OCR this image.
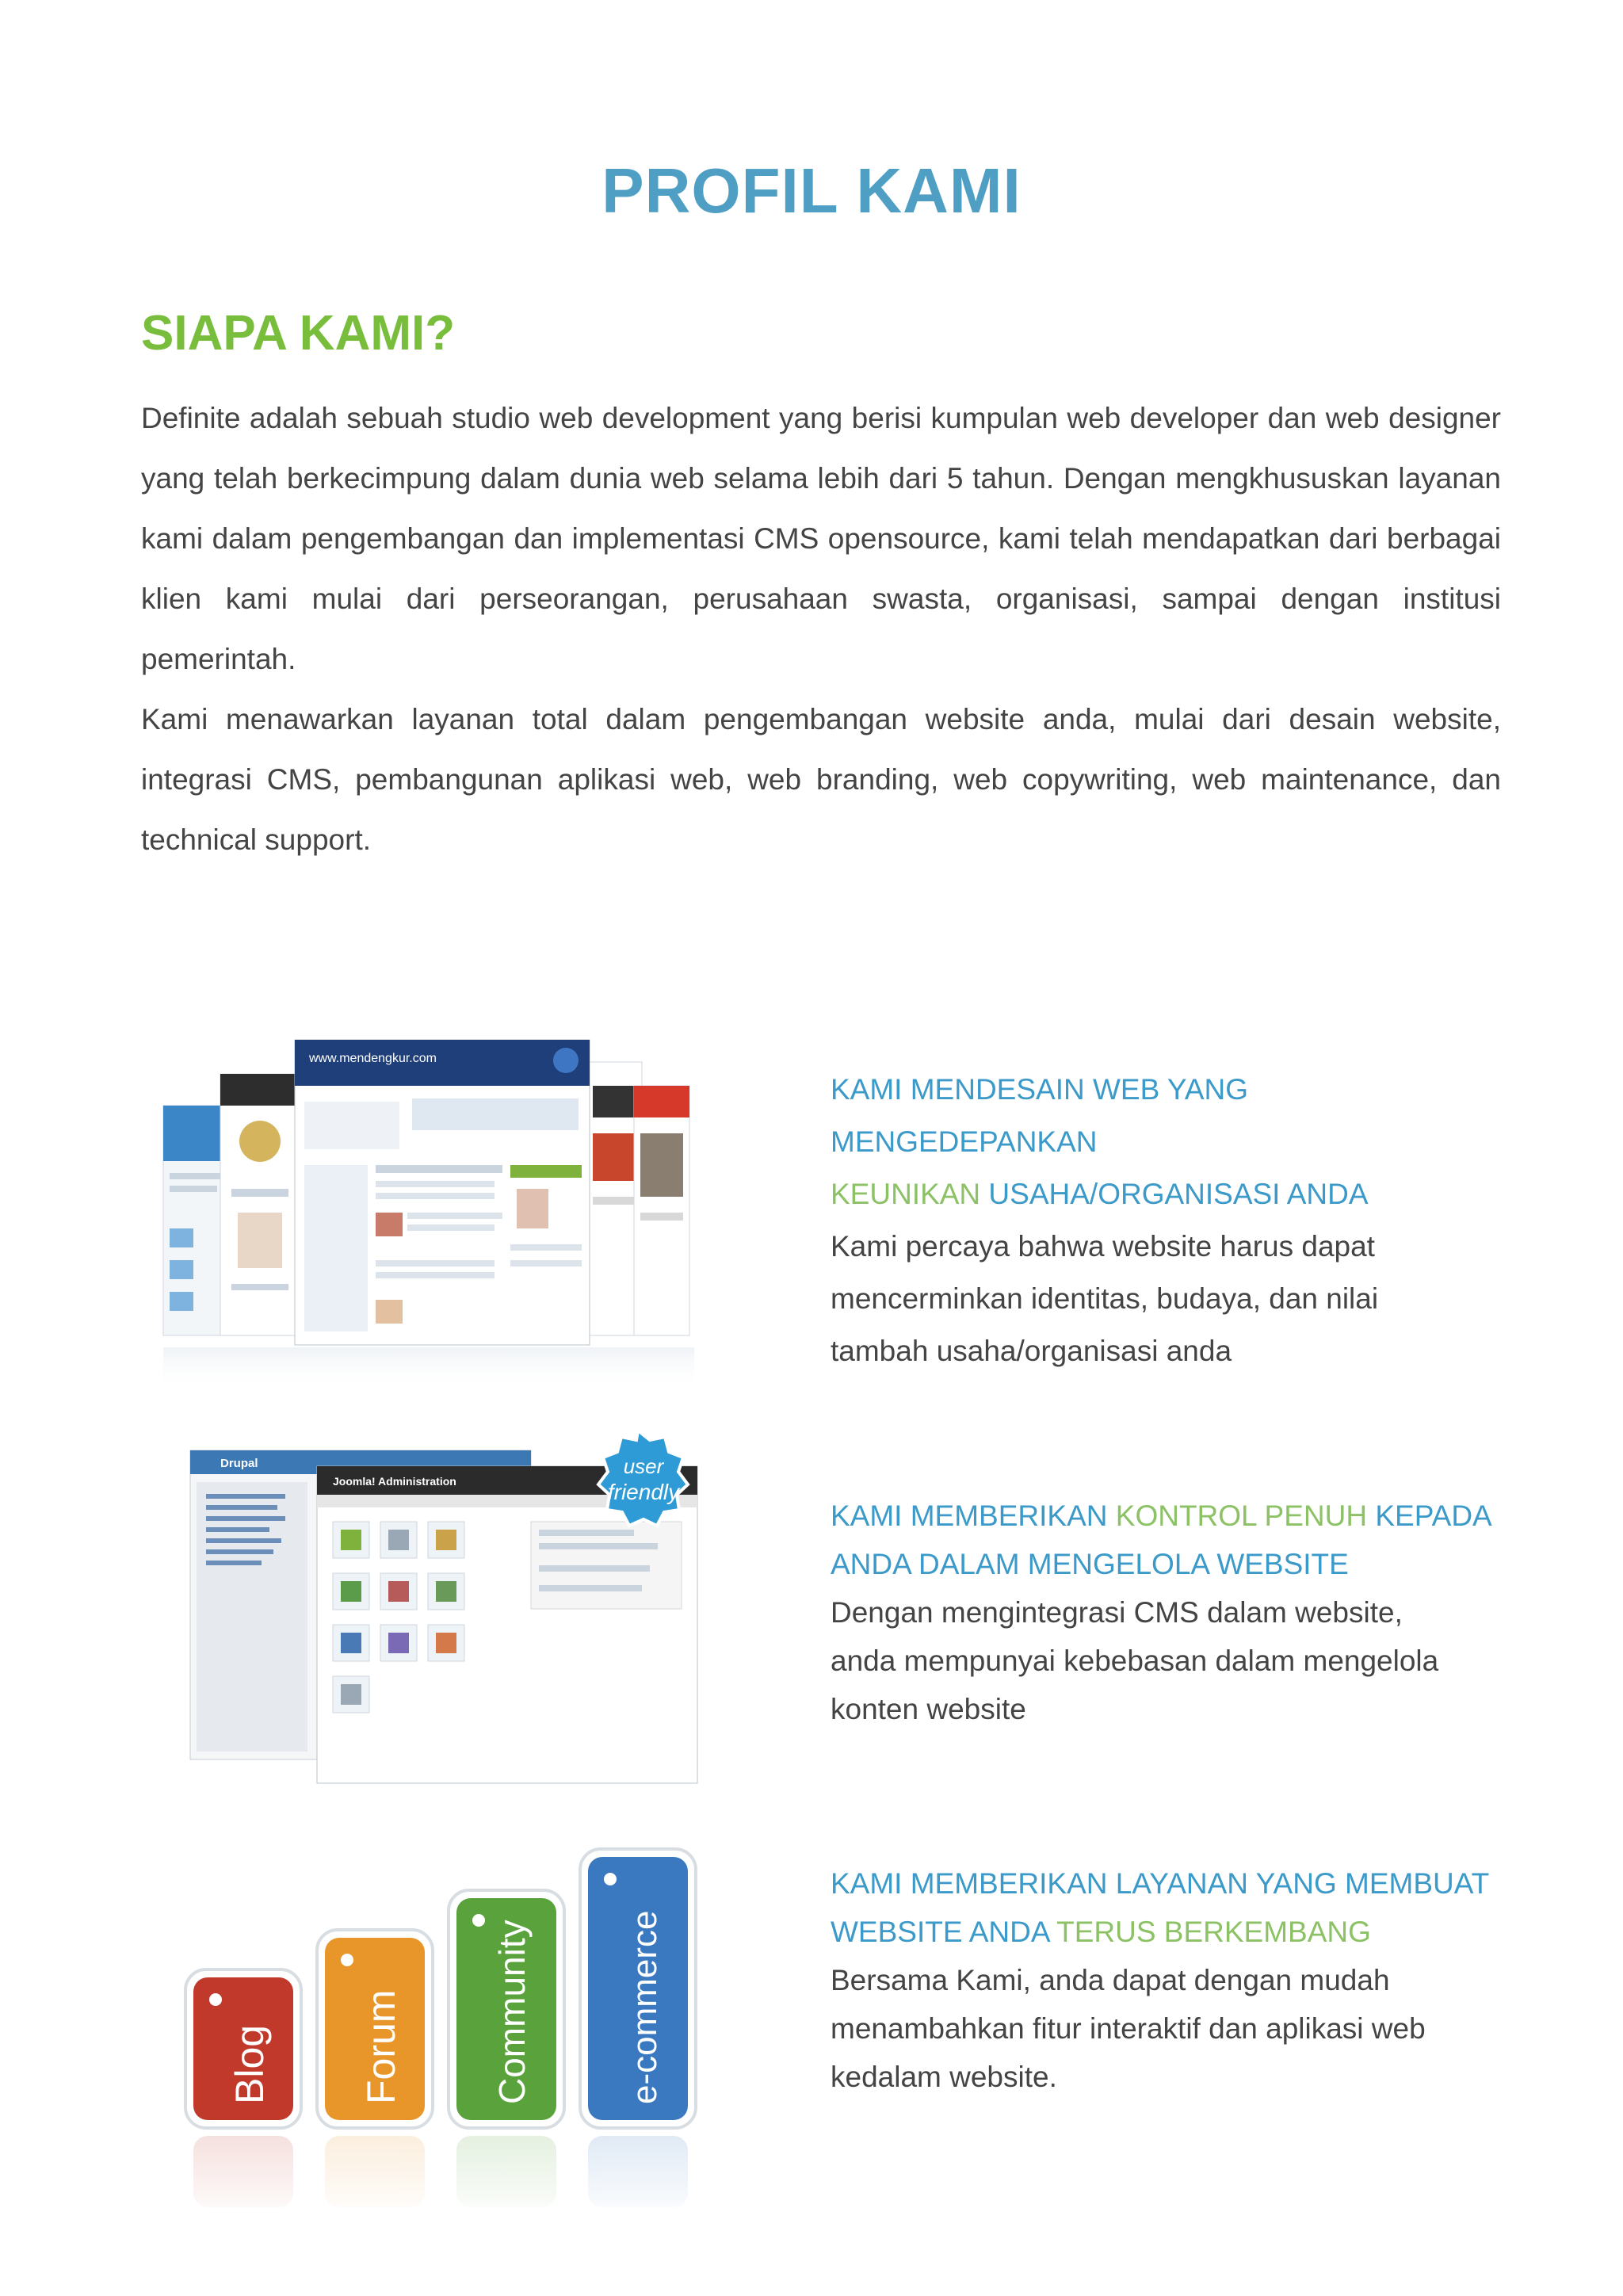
PROFIL KAMI
SIAPA KAMI?

Definite adalah sebuah studio web development yang berisi kumpulan web developer dan web designer yang telah berkecimpung dalam dunia web selama lebih dari 5 tahun. Dengan mengkhususkan layanan kami dalam pengembangan dan implementasi CMS opensource, kami telah mendapatkan dari berbagai klien kami mulai dari perseorangan, perusahaan swasta, organisasi, sampai dengan institusi pemerintah.

Kami menawarkan layanan total dalam pengembangan website anda, mulai dari desain website, integrasi CMS, pembangunan aplikasi web, web branding, web copywriting, web maintenance, dan technical support.

www.mendengkur.com
Drupal
Joomla! Administration
user
friendly
Blog Forum Community	e-commerce
KAMI MENDESAIN WEB YANG MENGEDEPANKAN
KEUNIKAN USAHA/ORGANISASI ANDA
Kami percaya bahwa website harus dapat
mencerminkan identitas, budaya, dan nilai
tambah usaha/organisasi anda
KAMI MEMBERIKAN KONTROL PENUH KEPADA
ANDA DALAM MENGELOLA WEBSITE
Dengan mengintegrasi CMS dalam website,
anda mempunyai kebebasan dalam mengelola
konten website
KAMI MEMBERIKAN LAYANAN YANG MEMBUAT
WEBSITE ANDA TERUS BERKEMBANG
Bersama Kami, anda dapat dengan mudah
menambahkan fitur interaktif dan aplikasi web
kedalam website.
